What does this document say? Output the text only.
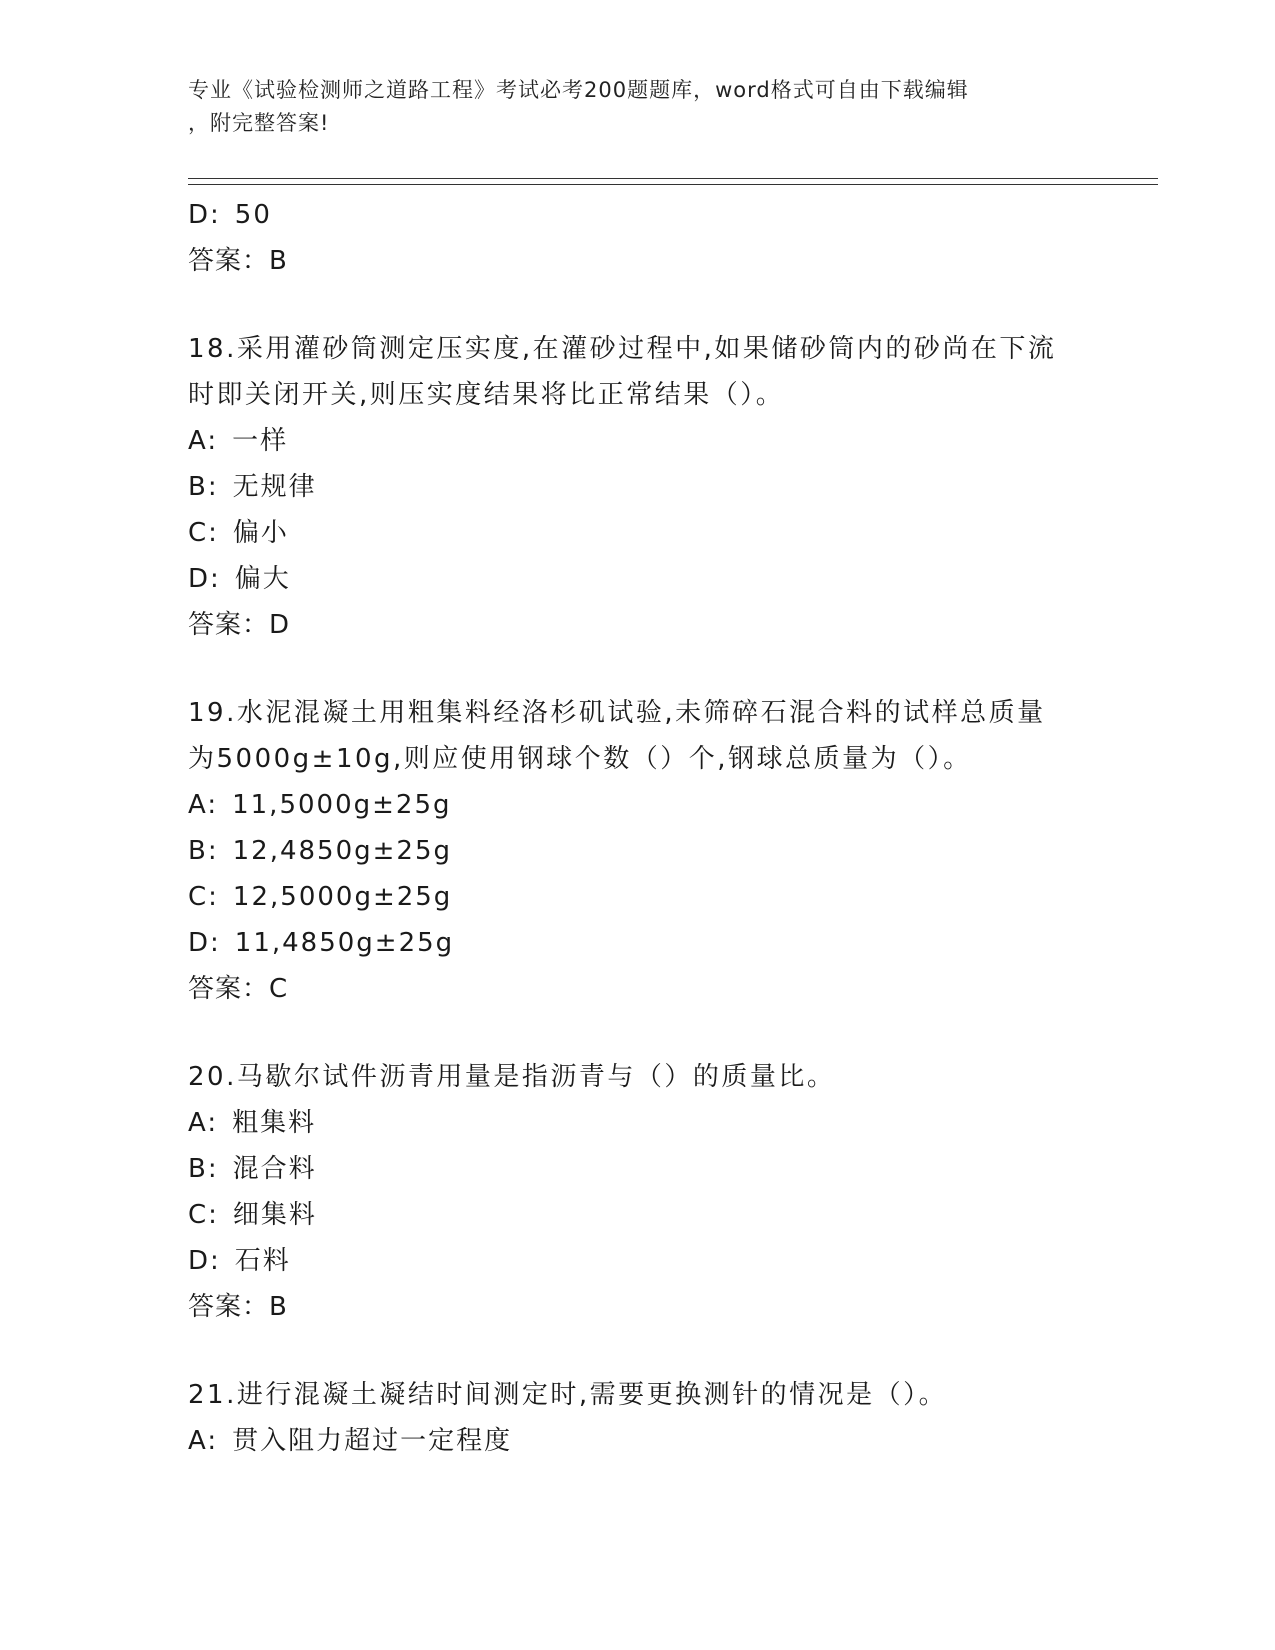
专业《试验检测师之道路工程》考试必考200题题库，word格式可自由下载编辑
，附完整答案!
D: 50
答案：B
18.采用灌砂筒测定压实度,在灌砂过程中,如果储砂筒内的砂尚在下流
时即关闭开关,则压实度结果将比正常结果（）。
A: 一样
B: 无规律
C: 偏小
D: 偏大
答案：D
19.水泥混凝土用粗集料经洛杉矶试验,未筛碎石混合料的试样总质量
为5000g±10g,则应使用钢球个数（）个,钢球总质量为（）。
A: 11,5000g±25g
B: 12,4850g±25g
C: 12,5000g±25g
D: 11,4850g±25g
答案：C
20.马歇尔试件沥青用量是指沥青与（）的质量比。
A: 粗集料
B: 混合料
C: 细集料
D: 石料
答案：B
21.进行混凝土凝结时间测定时,需要更换测针的情况是（）。
A: 贯入阻力超过一定程度
